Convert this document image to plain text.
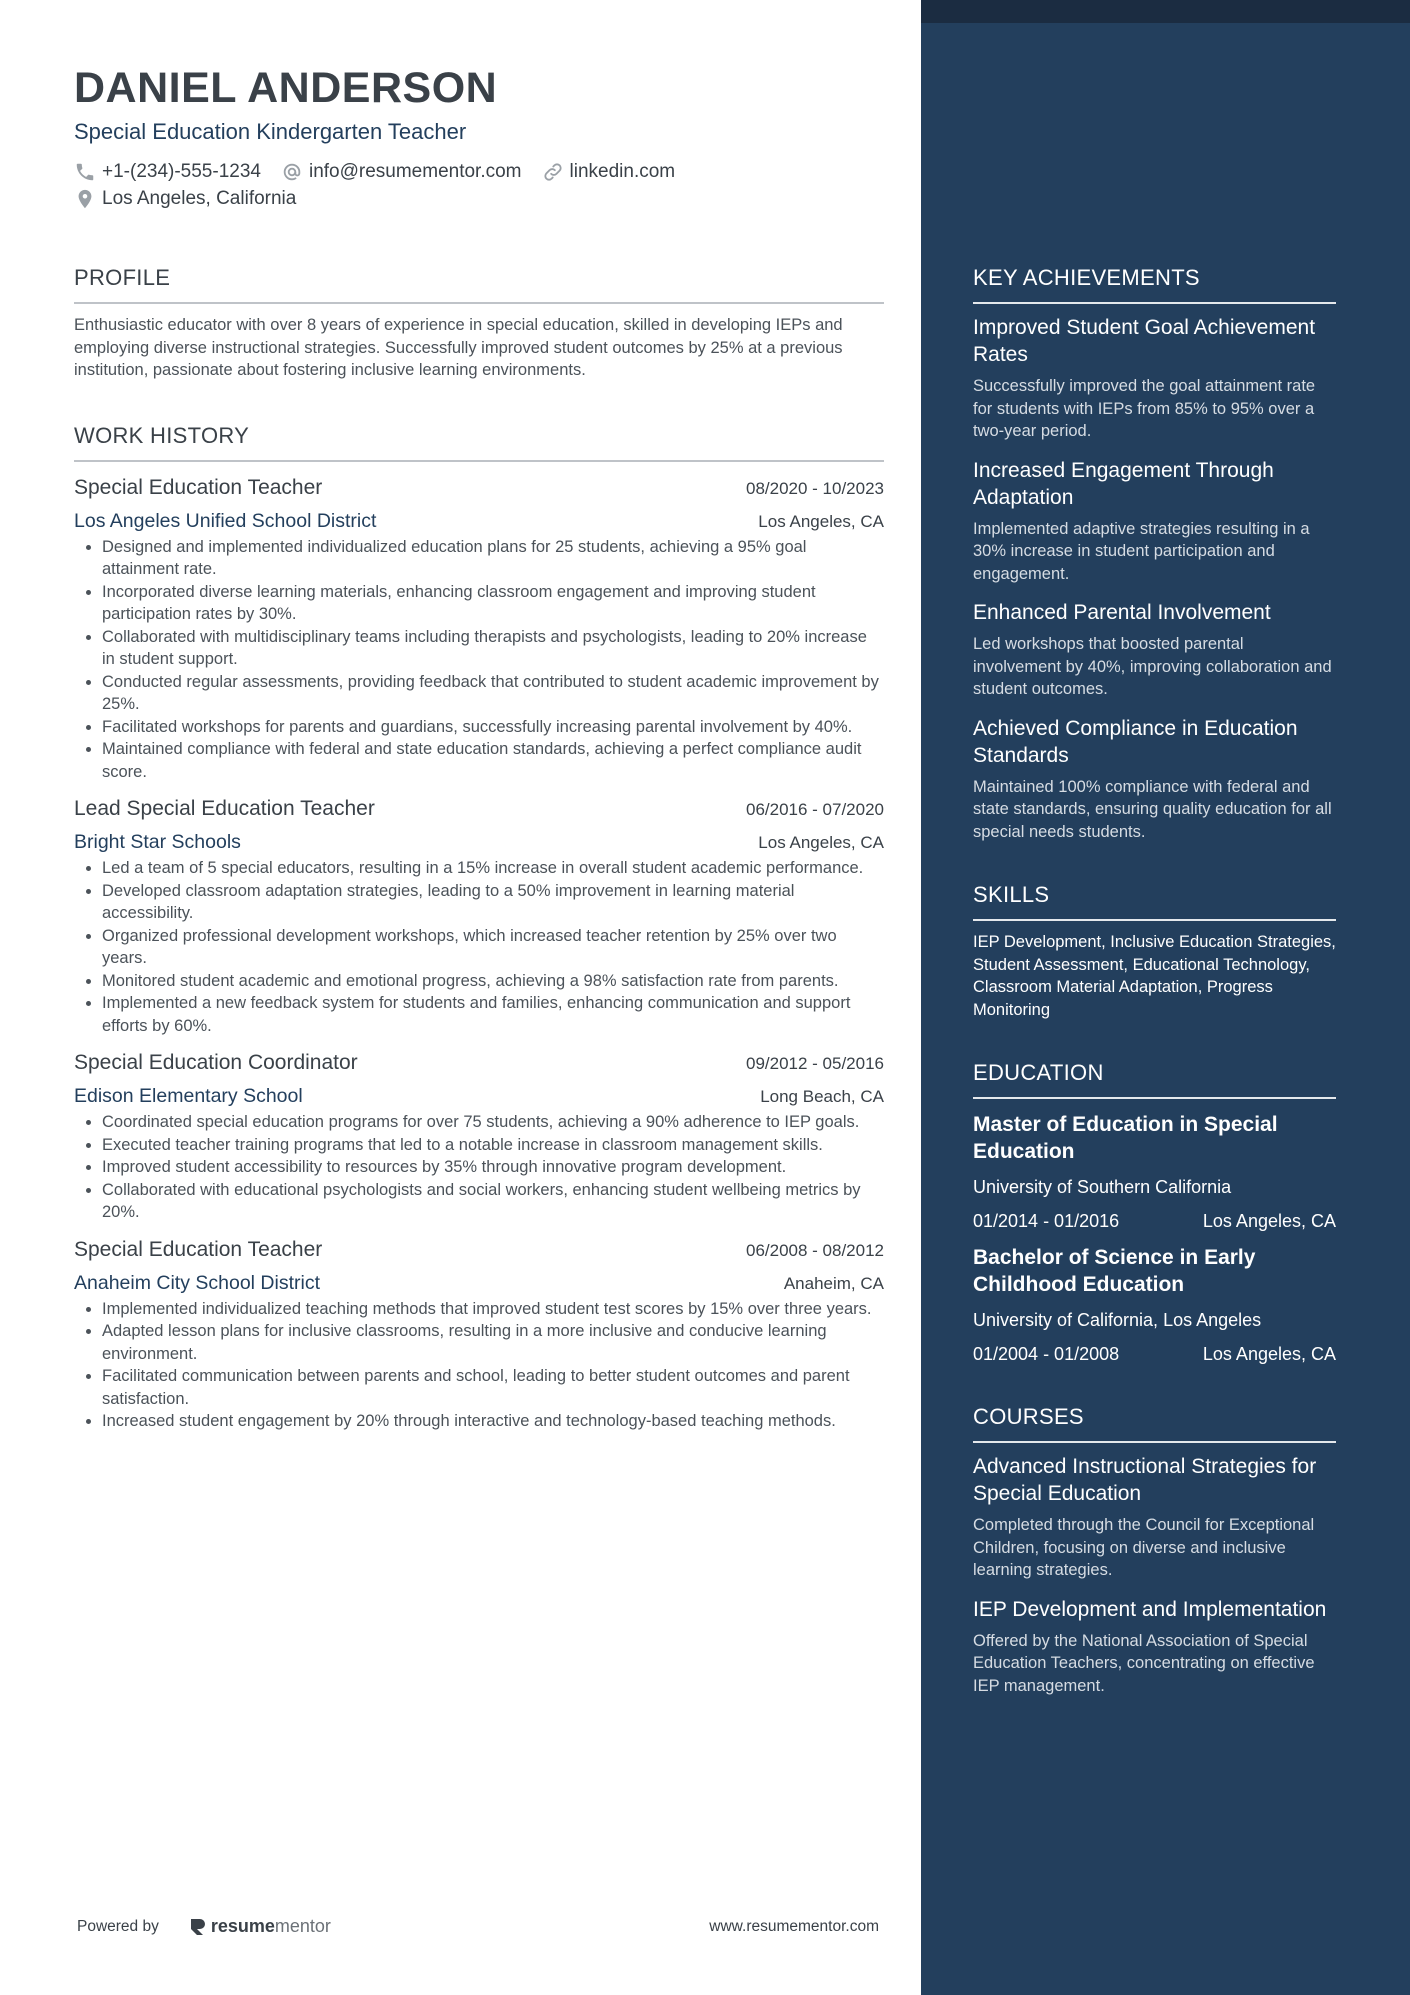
DANIEL ANDERSON
Special Education Kindergarten Teacher
+1-(234)-555-1234	info@resumementor.com	linkedin.com
Los Angeles, California
PROFILE
Enthusiastic educator with over 8 years of experience in special education, skilled in developing IEPs and employing diverse instructional strategies. Successfully improved student outcomes by 25% at a previous institution, passionate about fostering inclusive learning environments.
WORK HISTORY
Special Education Teacher	08/2020 - 10/2023
Los Angeles Unified School District	Los Angeles, CA
• Designed and implemented individualized education plans for 25 students, achieving a 95% goal attainment rate.
• Incorporated diverse learning materials, enhancing classroom engagement and improving student participation rates by 30%.
• Collaborated with multidisciplinary teams including therapists and psychologists, leading to 20% increase in student support.
• Conducted regular assessments, providing feedback that contributed to student academic improvement by 25%.
• Facilitated workshops for parents and guardians, successfully increasing parental involvement by 40%.
• Maintained compliance with federal and state education standards, achieving a perfect compliance audit score.
Lead Special Education Teacher	06/2016 - 07/2020
Bright Star Schools	Los Angeles, CA
• Led a team of 5 special educators, resulting in a 15% increase in overall student academic performance.
• Developed classroom adaptation strategies, leading to a 50% improvement in learning material accessibility.
• Organized professional development workshops, which increased teacher retention by 25% over two years.
• Monitored student academic and emotional progress, achieving a 98% satisfaction rate from parents.
• Implemented a new feedback system for students and families, enhancing communication and support efforts by 60%.
Special Education Coordinator	09/2012 - 05/2016
Edison Elementary School	Long Beach, CA
• Coordinated special education programs for over 75 students, achieving a 90% adherence to IEP goals.
• Executed teacher training programs that led to a notable increase in classroom management skills.
• Improved student accessibility to resources by 35% through innovative program development.
• Collaborated with educational psychologists and social workers, enhancing student wellbeing metrics by 20%.
Special Education Teacher	06/2008 - 08/2012
Anaheim City School District	Anaheim, CA
• Implemented individualized teaching methods that improved student test scores by 15% over three years.
• Adapted lesson plans for inclusive classrooms, resulting in a more inclusive and conducive learning environment.
• Facilitated communication between parents and school, leading to better student outcomes and parent satisfaction.
• Increased student engagement by 20% through interactive and technology-based teaching methods.
KEY ACHIEVEMENTS
Improved Student Goal Achievement Rates
Successfully improved the goal attainment rate for students with IEPs from 85% to 95% over a two-year period.
Increased Engagement Through Adaptation
Implemented adaptive strategies resulting in a 30% increase in student participation and engagement.
Enhanced Parental Involvement
Led workshops that boosted parental involvement by 40%, improving collaboration and student outcomes.
Achieved Compliance in Education Standards
Maintained 100% compliance with federal and state standards, ensuring quality education for all special needs students.
SKILLS
IEP Development, Inclusive Education Strategies, Student Assessment, Educational Technology, Classroom Material Adaptation, Progress Monitoring
EDUCATION
Master of Education in Special Education
University of Southern California
01/2014 - 01/2016	Los Angeles, CA
Bachelor of Science in Early Childhood Education
University of California, Los Angeles
01/2004 - 01/2008	Los Angeles, CA
COURSES
Advanced Instructional Strategies for Special Education
Completed through the Council for Exceptional Children, focusing on diverse and inclusive learning strategies.
IEP Development and Implementation
Offered by the National Association of Special Education Teachers, concentrating on effective IEP management.
Powered by	resume mentor	www.resumementor.com
